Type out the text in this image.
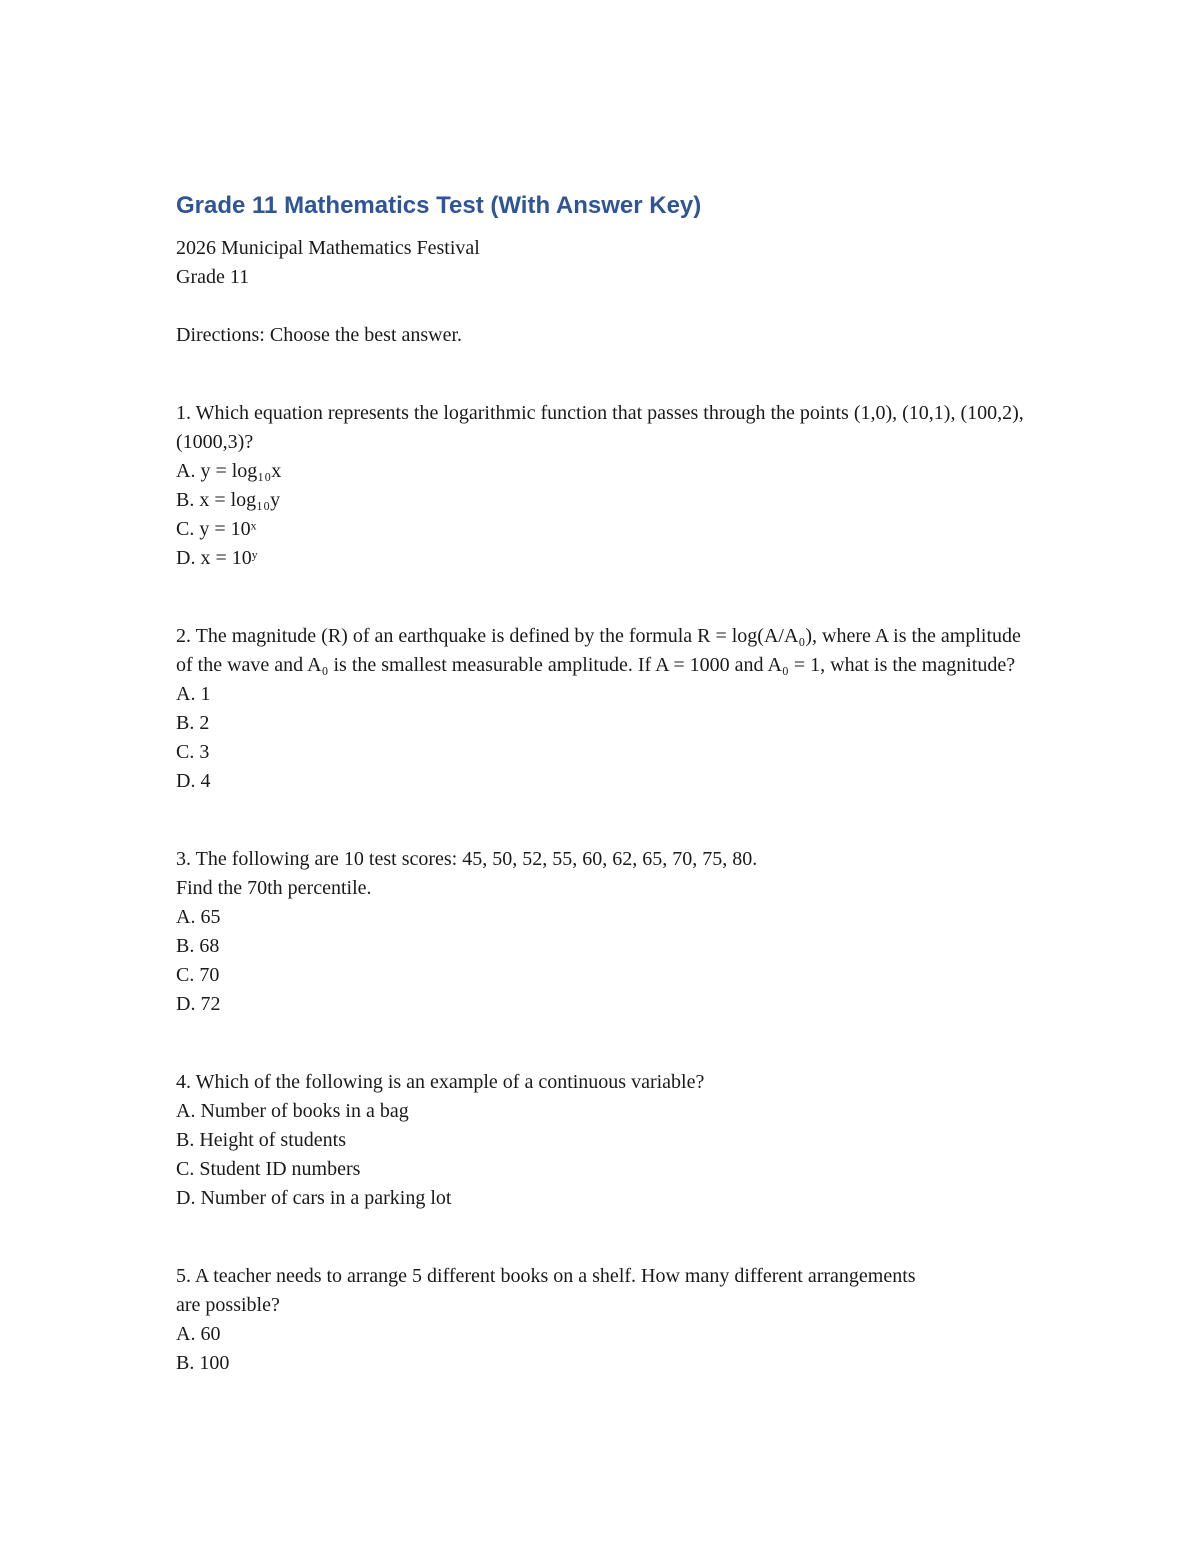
Grade 11 Mathematics Test (With Answer Key)

2026 Municipal Mathematics Festival

Grade 11

Directions: Choose the best answer.

1. Which equation represents the logarithmic function that passes through the points (1,0), (10,1), (100,2), (1000,3)?

A. y = log₁₀x

B. x = log₁₀y

C. y = 10ˣ

D. x = 10ʸ

2. The magnitude (R) of an earthquake is defined by the formula R = log(A/A₀), where A is the amplitude of the wave and A₀ is the smallest measurable amplitude. If A = 1000 and A₀ = 1, what is the magnitude?

A. 1

B. 2

C. 3

D. 4

3. The following are 10 test scores: 45, 50, 52, 55, 60, 62, 65, 70, 75, 80.

Find the 70th percentile.

A. 65

B. 68

C. 70

D. 72

4. Which of the following is an example of a continuous variable?

A. Number of books in a bag

B. Height of students

C. Student ID numbers

D. Number of cars in a parking lot

5. A teacher needs to arrange 5 different books on a shelf. How many different arrangements are possible?

A. 60

B. 100
